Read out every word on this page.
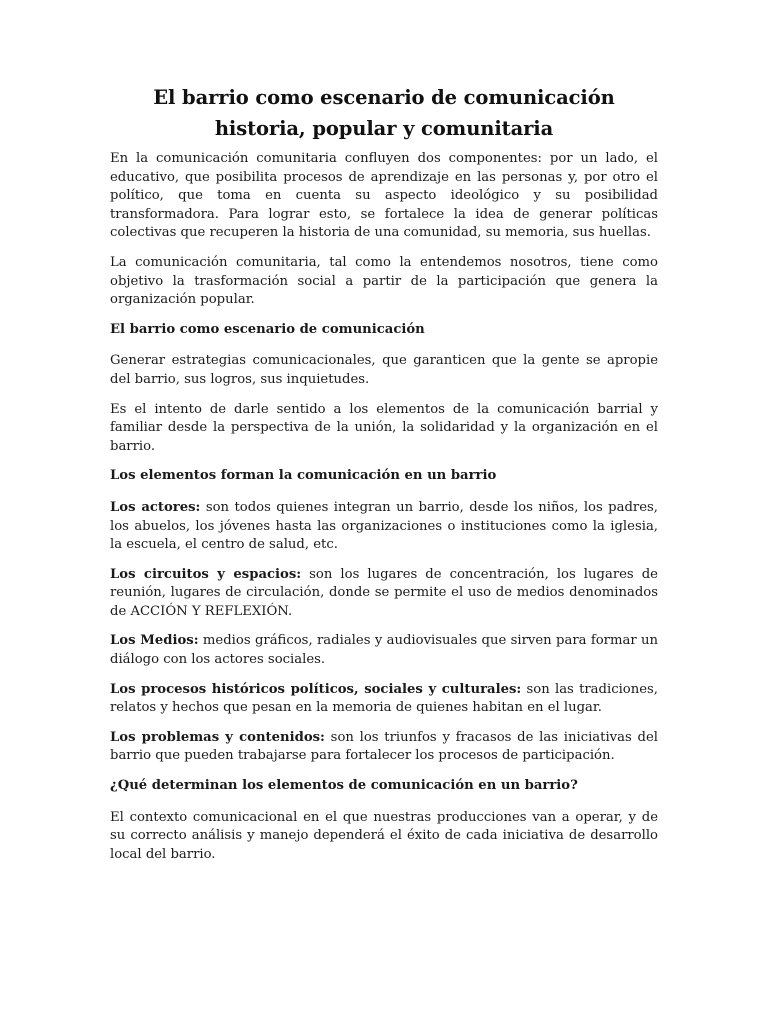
El barrio como escenario de comunicación
historia, popular y comunitaria

En la comunicación comunitaria confluyen dos componentes: por un lado, el educativo, que posibilita procesos de aprendizaje en las personas y, por otro el político, que toma en cuenta su aspecto ideológico y su posibilidad transformadora. Para lograr esto, se fortalece la idea de generar políticas colectivas que recuperen la historia de una comunidad, su memoria, sus huellas.

La comunicación comunitaria, tal como la entendemos nosotros, tiene como objetivo la trasformación social a partir de la participación que genera la organización popular.

El barrio como escenario de comunicación

Generar estrategias comunicacionales, que garanticen que la gente se apropie del barrio, sus logros, sus inquietudes.

Es el intento de darle sentido a los elementos de la comunicación barrial y familiar desde la perspectiva de la unión, la solidaridad y la organización en el barrio.

Los elementos forman la comunicación en un barrio

Los actores: son todos quienes integran un barrio, desde los niños, los padres, los abuelos, los jóvenes hasta las organizaciones o instituciones como la iglesia, la escuela, el centro de salud, etc.

Los circuitos y espacios: son los lugares de concentración, los lugares de reunión, lugares de circulación, donde se permite el uso de medios denominados de ACCIÓN Y REFLEXIÓN.

Los Medios: medios gráficos, radiales y audiovisuales que sirven para formar un diálogo con los actores sociales.

Los procesos históricos políticos, sociales y culturales: son las tradiciones, relatos y hechos que pesan en la memoria de quienes habitan en el lugar.

Los problemas y contenidos: son los triunfos y fracasos de las iniciativas del barrio que pueden trabajarse para fortalecer los procesos de participación.

¿Qué determinan los elementos de comunicación en un barrio?

El contexto comunicacional en el que nuestras producciones van a operar, y de su correcto análisis y manejo dependerá el éxito de cada iniciativa de desarrollo local del barrio.
